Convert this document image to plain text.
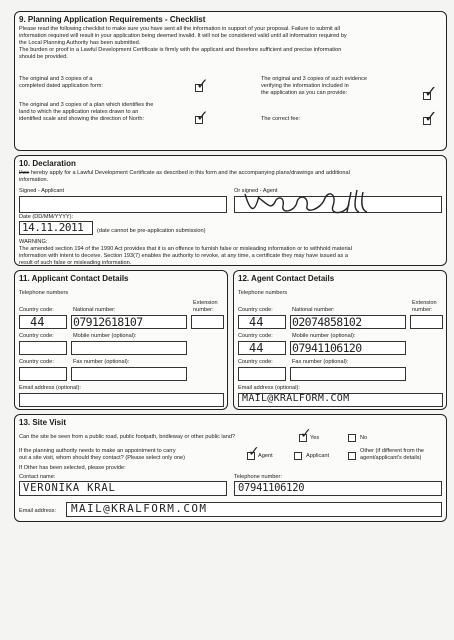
9. Planning Application Requirements - Checklist
Please read the following checklist to make sure you have sent all the information in support of your proposal. Failure to submit all
information required will result in your application being deemed invalid. It will not be considered valid until all information required by
the Local Planning Authority has been submitted.
The burden or proof in a Lawful Development Certificate is firmly with the applicant and therefore sufficient and precise information
should be provided.
The original and 3 copies of a
completed dated application form:	✓
The original and 3 copies of a plan which identifies the
land to which the application relates drawn to an
identified scale and showing the direction of North:	✓
The original and 3 copies of such evidence
verifying the information included in
the application as you can provide:	✓
The correct fee:	✓
10. Declaration
I/we hereby apply for a Lawful Development Certificate as described in this form and the accompanying plans/drawings and additional
information.
Signed - Applicant	Or signed - Agent
Date (DD/MM/YYYY):
14.11.2011 (date cannot be pre-application submission)
WARNING:
The amended section 194 of the 1990 Act provides that it is an offence to furnish false or misleading information or to withhold material
information with intent to deceive. Section 193(7) enables the authority to revoke, at any time, a certificate they may have issued as a
result of such false or misleading information.
11. Applicant Contact Details
Telephone numbers
Extension
number:
Country code:	National number:
44 07912618107
Country code:	Mobile number (optional):
Country code:	Fax number (optional):
Email address (optional):
12. Agent Contact Details
Telephone numbers
Extension
number:
Country code:	National number:
44 02074858102
Country code:	Mobile number (optional):
44 07941106120
Country code:	Fax number (optional):
Email address (optional):
MAIL@KRALFORM.COM
13. Site Visit
Can the site be seen from a public road, public footpath, bridleway or other public land?	✓
Yes	No
If the planning authority needs to make an appointment to carry
out a site visit, whom should they contact? (Please select only one)	✓
Agent	Applicant
Other (if different from the
agent/applicant's details)
If Other has been selected, please provide:
Contact name:
VERONIKA KRAL
Telephone number:
07941106120
Email address: MAIL@KRALFORM.COM
